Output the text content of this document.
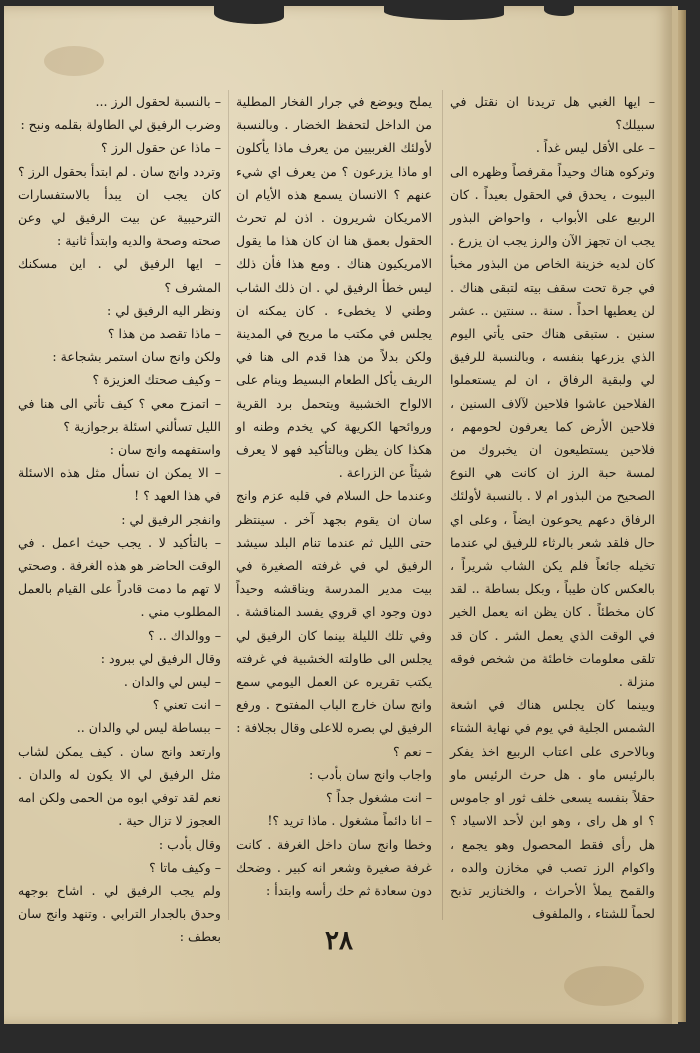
– ايها الغبي هل تريدنا ان نقتل في سبيلك؟
– على الأقل ليس غداً .

وتركوه هناك وحيداً مقرفصاً وظهره الى البيوت ، يحدق في الحقول بعيداً . كان الربيع على الأبواب ، واحواض البذور يجب ان تجهز الآن والرز يجب ان يزرع . كان لديه خزينة الخاص من البذور مخبأ في جرة تحت سقف بيته لتبقى هناك . لن يعطيها احداً . سنة .. سنتين .. عشر سنين . ستبقى هناك حتى يأتي اليوم الذي يزرعها بنفسه ، وبالنسبة للرفيق لي ولبقية الرفاق ، ان لم يستعملوا الفلاحين عاشوا فلاحين لآلاف السنين ، فلاحين الأرض كما يعرفون لحومهم ، فلاحين يستطيعون ان يخبروك من لمسة حبة الرز ان كانت هي النوع الصحيح من البذور ام لا . بالنسبة لأولئك الرفاق دعهم يحوعون ايضاً ، وعلى اي حال فلقد شعر بالرثاء للرفيق لي عندما تخيله جائعاً فلم يكن الشاب شريراً ، بالعكس كان طيباً ، وبكل بساطة .. لقد كان مخطئاً . كان يظن انه يعمل الخير في الوقت الذي يعمل الشر . كان قد تلقى معلومات خاطئة من شخص فوقه منزلة .

وبينما كان يجلس هناك في اشعة الشمس الجلية في يوم في نهاية الشتاء وبالاحرى على اعتاب الربيع اخذ يفكر بالرئيس ماو . هل حرث الرئيس ماو حقلاً بنفسه يسعى خلف ثور او جاموس ؟ او هل راى ، وهو ابن لأحد الاسياد ؟ هل رأى فقط المحصول وهو يجمع ، واكوام الرز تصب في مخازن والده ، والقمح يملأ الأحراث ، والخنازير تذبح لحماً للشتاء ، والملفوف

يملح ويوضع في جرار الفخار المطلية من الداخل لتحفظ الخضار . وبالنسبة لأولئك الغربيين من يعرف ماذا يأكلون او ماذا يزرعون ؟ من يعرف اي شيء عنهم ؟ الانسان يسمع هذه الأيام ان الامريكان شريرون . اذن لم تحرث الحقول بعمق هنا ان كان هذا ما يقول الامريكيون هناك . ومع هذا فأن ذلك ليس خطأ الرفيق لي . ان ذلك الشاب وطني لا يخطىء . كان يمكنه ان يجلس في مكتب ما مريح في المدينة ولكن بدلاً من هذا قدم الى هنا في الريف يأكل الطعام البسيط وينام على الالواح الخشبية ويتحمل برد القرية وروائحها الكريهة كي يخدم وطنه او هكذا كان يظن وبالتأكيد فهو لا يعرف شيئاً عن الزراعة .

وعندما حل السلام في قلبه عزم وانج سان ان يقوم بجهد آخر . سينتظر حتى الليل ثم عندما تنام البلد سيشد الرفيق لي في غرفته الصغيرة في بيت مدير المدرسة ويناقشه وحيداً دون وجود اي قروي يفسد المناقشة . وفي تلك الليلة بينما كان الرفيق لي يجلس الى طاولته الخشبية في غرفته يكتب تقريره عن العمل اليومي سمع وانج سان خارج الباب المفتوح . ورفع الرفيق لي بصره للاعلى وقال بجلافة :
– نعم ؟
واجاب وانج سان بأدب :
– انت مشغول جداً ؟
– انا دائماً مشغول . ماذا تريد ؟!

وخطا وانج سان داخل الغرفة . كانت غرفة صغيرة وشعر انه كبير . وضحك دون سعادة ثم حك رأسه وابتدأ :

– بالنسبة لحقول الرز ...
وضرب الرفيق لي الطاولة بقلمه ونبح :
– ماذا عن حقول الرز ؟

وتردد وانج سان . لم ابتدأ بحقول الرز ؟ كان يجب ان يبدأ بالاستفسارات الترحيبية عن بيت الرفيق لي وعن صحته وصحة والديه وابتدأ ثانية :
– ايها الرفيق لي . اين مسكنك المشرف ؟
ونظر اليه الرفيق لي :
– ماذا تقصد من هذا ؟
ولكن وانج سان استمر بشجاعة :
– وكيف صحتك العزيزة ؟
– اتمزح معي ؟ كيف تأتي الى هنا في الليل تسألني اسئلة برجوازية ؟
واستفهمه وانج سان :
– الا يمكن ان نسأل مثل هذه الاسئلة في هذا العهد ؟ !
وانفجر الرفيق لي :
– بالتأكيد لا . يجب حيث اعمل . في الوقت الحاضر هو هذه الغرفة . وصحتي لا تهم ما دمت قادراً على القيام بالعمل المطلوب مني .
– ووالداك .. ؟
وقال الرفيق لي ببرود :
– ليس لي والدان .
– انت تعني ؟
– ببساطة ليس لي والدان ..
وارتعد وانج سان . كيف يمكن لشاب مثل الرفيق لي الا يكون له والدان . نعم لقد توفي ابوه من الحمى ولكن امه العجوز لا تزال حية .
وقال بأدب :
– وكيف ماتا ؟
ولم يجب الرفيق لي . اشاح بوجهه وحدق بالجدار الترابي . وتنهد وانج سان بعطف :	٢٨
